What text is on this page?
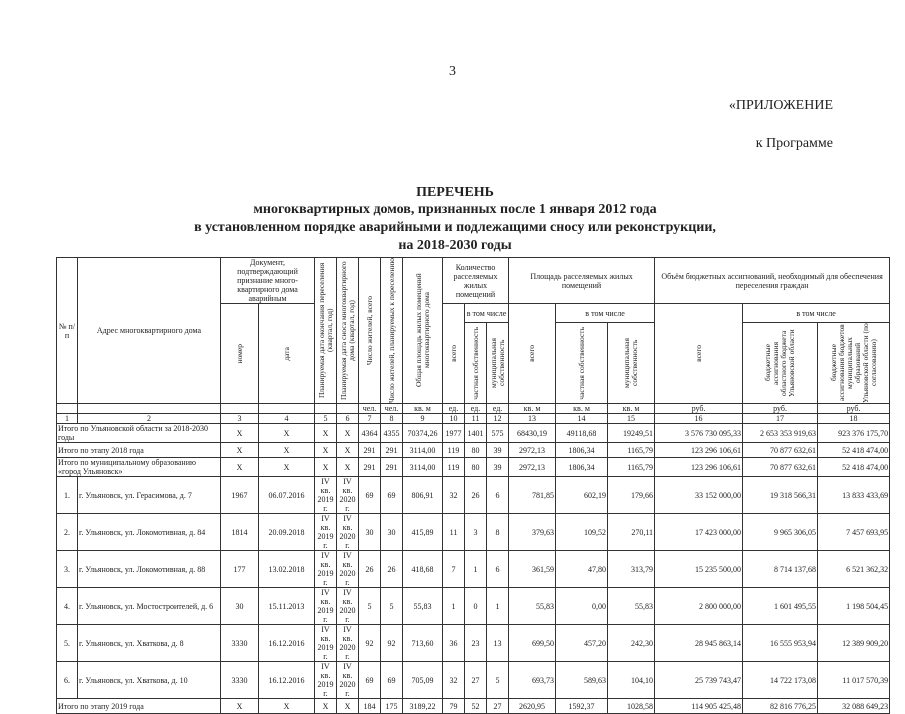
3
«ПРИЛОЖЕНИЕ
к Программе
ПЕРЕЧЕНЬ
многоквартирных домов, признанных после 1 января 2012 года
в установленном порядке аварийными и подлежащими сносу или реконструкции,
на 2018-2030 годы
№ п/п	Адрес многоквартирного дома	Документ, подтверждающий признание много-квартирного дома аварийным		Планируемая дата окончания переселения (квартал, год)	Планируемая дата сноса многоквартирного дома (квартал, год)	Число жителей, всего	Число жителей, планируемых к переселению	Общая площадь жилых помещений многоквартирного дома	Количество расселяемых жилых помещений			Площадь расселяемых жилых помещений			Объём бюджетных ассигнований, необходимый для обеспечения переселения граждан		

		номер	дата						всего	в том числе		всего	в том числе		всего	в том числе	

										частная собственность	муниципальная собственность		частная собственность	муниципальная собственность		бюджетные ассигнования областного бюджета Ульяновской области	бюджетные ассигнования бюджетов муниципальных образований Ульяновской области (по согласованию)

						чел.	чел.	кв. м	ед.	ед.	ед.	кв. м	кв. м	кв. м	руб.	руб.	руб.
1	2	3	4	5	6	7	8	9	10	11	12	13	14	15	16	17	18
Итого по Ульяновской области за 2018-2030 годы		X	X	X	X	4364	4355	70374,26	1977	1401	575	68430,19	49118,68	19249,51	3 576 730 095,33	2 653 353 919,63	923 376 175,70
Итого по этапу 2018 года		X	X	X	X	291	291	3114,00	119	80	39	2972,13	1806,34	1165,79	123 296 106,61	70 877 632,61	52 418 474,00
Итого по муниципальному образованию «город Ульяновск»		X	X	X	X	291	291	3114,00	119	80	39	2972,13	1806,34	1165,79	123 296 106,61	70 877 632,61	52 418 474,00
1.	г. Ульяновск, ул. Герасимова, д. 7	1967	06.07.2016	IV кв. 2019 г.	IV кв. 2020 г.	69	69	806,91	32	26	6	781,85	602,19	179,66	33 152 000,00	19 318 566,31	13 833 433,69
2.	г. Ульяновск, ул. Локомотивная, д. 84	1814	20.09.2018	IV кв. 2019 г.	IV кв. 2020 г.	30	30	415,89	11	3	8	379,63	109,52	270,11	17 423 000,00	9 965 306,05	7 457 693,95
3.	г. Ульяновск, ул. Локомотивная, д. 88	177	13.02.2018	IV кв. 2019 г.	IV кв. 2020 г.	26	26	418,68	7	1	6	361,59	47,80	313,79	15 235 500,00	8 714 137,68	6 521 362,32
4.	г. Ульяновск, ул. Мостостроителей, д. 6	30	15.11.2013	IV кв. 2019 г.	IV кв. 2020 г.	5	5	55,83	1	0	1	55,83	0,00	55,83	2 800 000,00	1 601 495,55	1 198 504,45
5.	г. Ульяновск, ул. Хваткова, д. 8	3330	16.12.2016	IV кв. 2019 г.	IV кв. 2020 г.	92	92	713,60	36	23	13	699,50	457,20	242,30	28 945 863,14	16 555 953,94	12 389 909,20
6.	г. Ульяновск, ул. Хваткова, д. 10	3330	16.12.2016	IV кв. 2019 г.	IV кв. 2020 г.	69	69	705,09	32	27	5	693,73	589,63	104,10	25 739 743,47	14 722 173,08	11 017 570,39
Итого по этапу 2019 года		X	X	X	X	184	175	3189,22	79	52	27	2620,95	1592,37	1028,58	114 905 425,48	82 816 776,25	32 088 649,23
